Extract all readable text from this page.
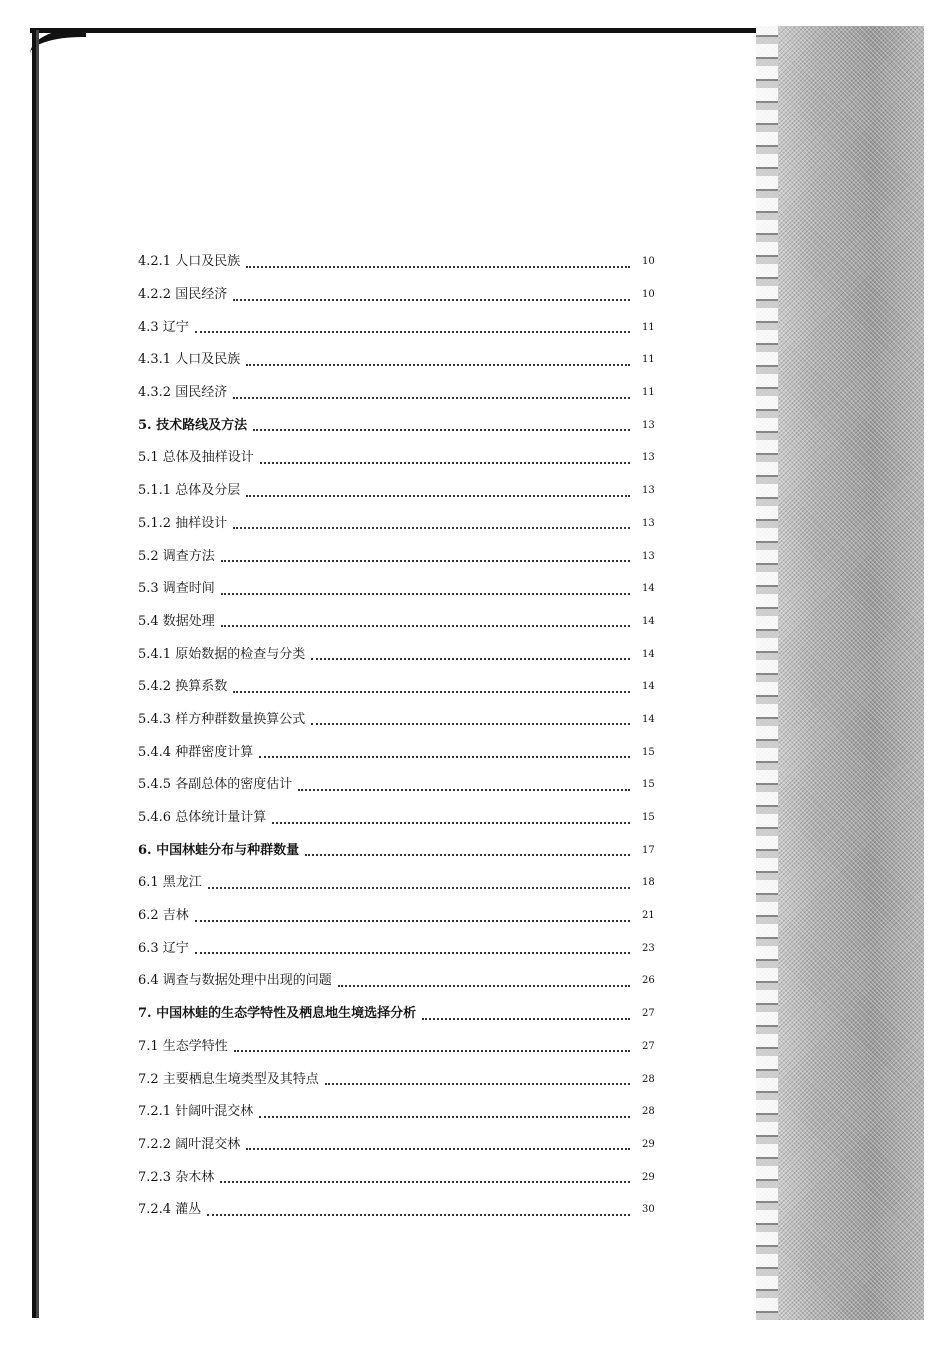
4.2.1 人口及民族	10
4.2.2 国民经济	10
4.3 辽宁	11
4.3.1 人口及民族	11
4.3.2 国民经济	11
5. 技术路线及方法	13
5.1 总体及抽样设计	13
5.1.1 总体及分层	13
5.1.2 抽样设计	13
5.2 调查方法	13
5.3 调查时间	14
5.4 数据处理	14
5.4.1 原始数据的检查与分类	14
5.4.2 换算系数	14
5.4.3 样方种群数量换算公式	14
5.4.4 种群密度计算	15
5.4.5 各副总体的密度估计	15
5.4.6 总体统计量计算	15
6. 中国林蛙分布与种群数量	17
6.1 黑龙江	18
6.2 吉林	21
6.3 辽宁	23
6.4 调查与数据处理中出现的问题	26
7. 中国林蛙的生态学特性及栖息地生境选择分析	27
7.1 生态学特性	27
7.2 主要栖息生境类型及其特点	28
7.2.1 针阔叶混交林	28
7.2.2 阔叶混交林	29
7.2.3 杂木林	29
7.2.4 灌丛	30
